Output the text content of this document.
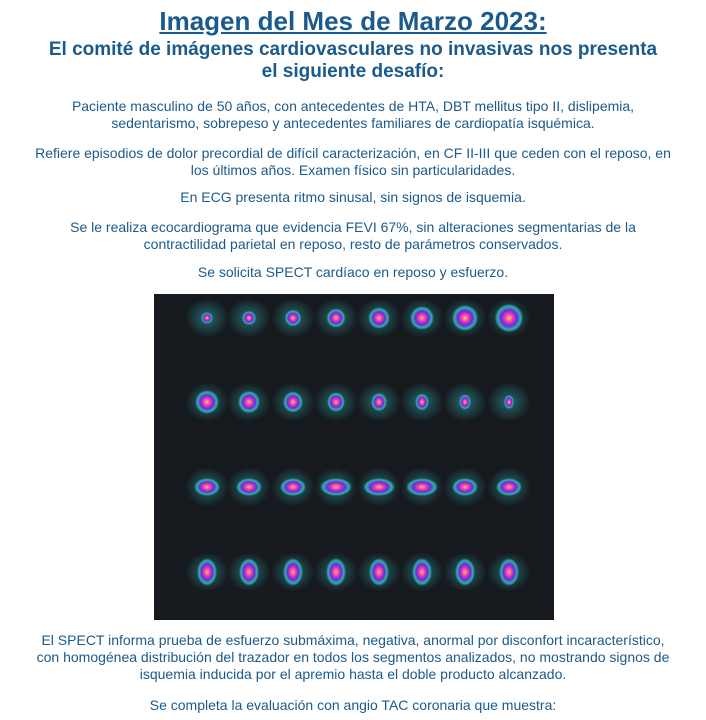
Imagen del Mes de Marzo 2023:
El comité de imágenes cardiovasculares no invasivas nos presenta el siguiente desafío:

Paciente masculino de 50 años, con antecedentes de HTA, DBT mellitus tipo II, dislipemia, sedentarismo, sobrepeso y antecedentes familiares de cardiopatía isquémica.

Refiere episodios de dolor precordial de difícil caracterización, en CF II-III que ceden con el reposo, en los últimos años. Examen físico sin particularidades.

En ECG presenta ritmo sinusal, sin signos de isquemia.

Se le realiza ecocardiograma que evidencia FEVI 67%, sin alteraciones segmentarias de la contractilidad parietal en reposo, resto de parámetros conservados.

Se solicita SPECT cardíaco en reposo y esfuerzo.

El SPECT informa prueba de esfuerzo submáxima, negativa, anormal por disconfort incaracterístico, con homogénea distribución del trazador en todos los segmentos analizados, no mostrando signos de isquemia inducida por el apremio hasta el doble producto alcanzado.

Se completa la evaluación con angio TAC coronaria que muestra:
